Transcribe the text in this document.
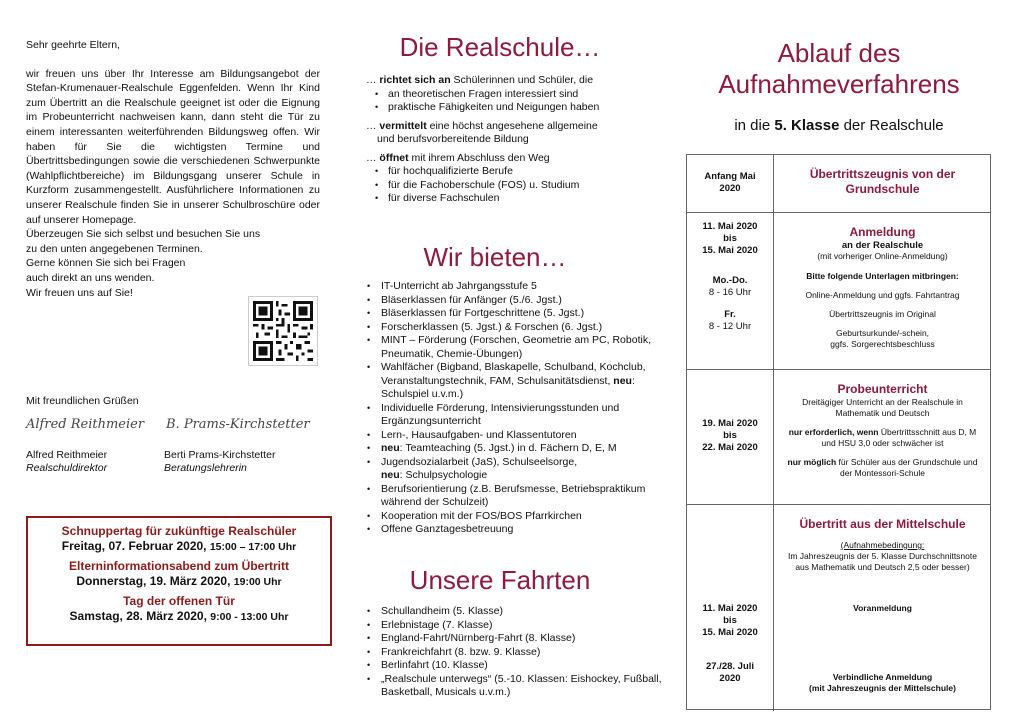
Sehr geehrte Eltern,

wir freuen uns über Ihr Interesse am Bildungsangebot der Stefan-Krumenauer-Realschule Eggenfelden. Wenn Ihr Kind zum Übertritt an die Realschule geeignet ist oder die Eignung im Probeunterricht nachweisen kann, dann steht die Tür zu einem interessanten weiterführenden Bildungsweg offen. Wir haben für Sie die wichtigsten Termine und Übertrittsbedingungen sowie die verschiedenen Schwerpunkte (Wahlpflichtbereiche) im Bildungsgang unserer Schule in Kurzform zusammengestellt. Ausführlichere Informationen zu unserer Realschule finden Sie in unserer Schulbroschüre oder auf unserer Homepage.

Überzeugen Sie sich selbst und besuchen Sie uns
zu den unten angegebenen Terminen.
Gerne können Sie sich bei Fragen
auch direkt an uns wenden.
Wir freuen uns auf Sie!
Mit freundlichen Grüßen
Alfred Reithmeier B. Prams-Kirchstetter
Alfred Reithmeier
Realschuldirektor
Berti Prams-Kirchstetter
Beratungslehrerin
Schnuppertag für zukünftige Realschüler
Freitag, 07. Februar 2020, 15:00 – 17:00 Uhr
Elterninformationsabend zum Übertritt
Donnerstag, 19. März 2020, 19:00 Uhr
Tag der offenen Tür
Samstag, 28. März 2020, 9:00 - 13:00 Uhr
Die Realschule…
… richtet sich an Schülerinnen und Schüler, die
• an theoretischen Fragen interessiert sind
• praktische Fähigkeiten und Neigungen haben
… vermittelt eine höchst angesehene allgemeine
und berufsvorbereitende Bildung
… öffnet mit ihrem Abschluss den Weg
• für hochqualifizierte Berufe
• für die Fachoberschule (FOS) u. Studium
• für diverse Fachschulen
Wir bieten…
• IT-Unterricht ab Jahrgangsstufe 5
• Bläserklassen für Anfänger (5./6. Jgst.)
• Bläserklassen für Fortgeschrittene (5. Jgst.)
• Forscherklassen (5. Jgst.) & Forschen (6. Jgst.)
• MINT – Förderung (Forschen, Geometrie am PC, Robotik, Pneumatik, Chemie-Übungen)
• Wahlfächer (Bigband, Blaskapelle, Schulband, Kochclub, Veranstaltungstechnik, FAM, Schulsanitätsdienst, neu: Schulspiel u.v.m.)
• Individuelle Förderung, Intensivierungsstunden und Ergänzungsunterricht
• Lern-, Hausaufgaben- und Klassentutoren
• neu: Teamteaching (5. Jgst.) in d. Fächern D, E, M
• Jugendsozialarbeit (JaS), Schulseelsorge,
neu: Schulpsychologie
• Berufsorientierung (z.B. Berufsmesse, Betriebspraktikum während der Schulzeit)
• Kooperation mit der FOS/BOS Pfarrkirchen
• Offene Ganztagesbetreuung
Unsere Fahrten
• Schullandheim (5. Klasse)
• Erlebnistage (7. Klasse)
• England-Fahrt/Nürnberg-Fahrt (8. Klasse)
• Frankreichfahrt (8. bzw. 9. Klasse)
• Berlinfahrt (10. Klasse)
• „Realschule unterwegs“ (5.-10. Klassen: Eishockey, Fußball, Basketball, Musicals u.v.m.)
Ablauf des
Aufnahmeverfahrens
in die 5. Klasse der Realschule
Anfang Mai
2020
Übertrittszeugnis von der Grundschule
11. Mai 2020
bis
15. Mai 2020
Mo.-Do.
8 - 16 Uhr
Fr.
8 - 12 Uhr
Anmeldung
an der Realschule
(mit vorheriger Online-Anmeldung)
Bitte folgende Unterlagen mitbringen:
Online-Anmeldung und ggfs. Fahrtantrag
Übertrittszeugnis im Original
Geburtsurkunde/-schein,
ggfs. Sorgerechtsbeschluss
19. Mai 2020
bis
22. Mai 2020
Probeunterricht
Dreitägiger Unterricht an der Realschule in Mathematik und Deutsch
nur erforderlich, wenn Übertrittsschnitt aus D, M und HSU 3,0 oder schwächer ist
nur möglich für Schüler aus der Grundschule und der Montessori-Schule
11. Mai 2020
bis
15. Mai 2020
27./28. Juli
2020
Übertritt aus der Mittelschule
(Aufnahmebedingung:
Im Jahreszeugnis der 5. Klasse Durchschnittsnote aus Mathematik und Deutsch 2,5 oder besser)
Voranmeldung
Verbindliche Anmeldung
(mit Jahreszeugnis der Mittelschule)
